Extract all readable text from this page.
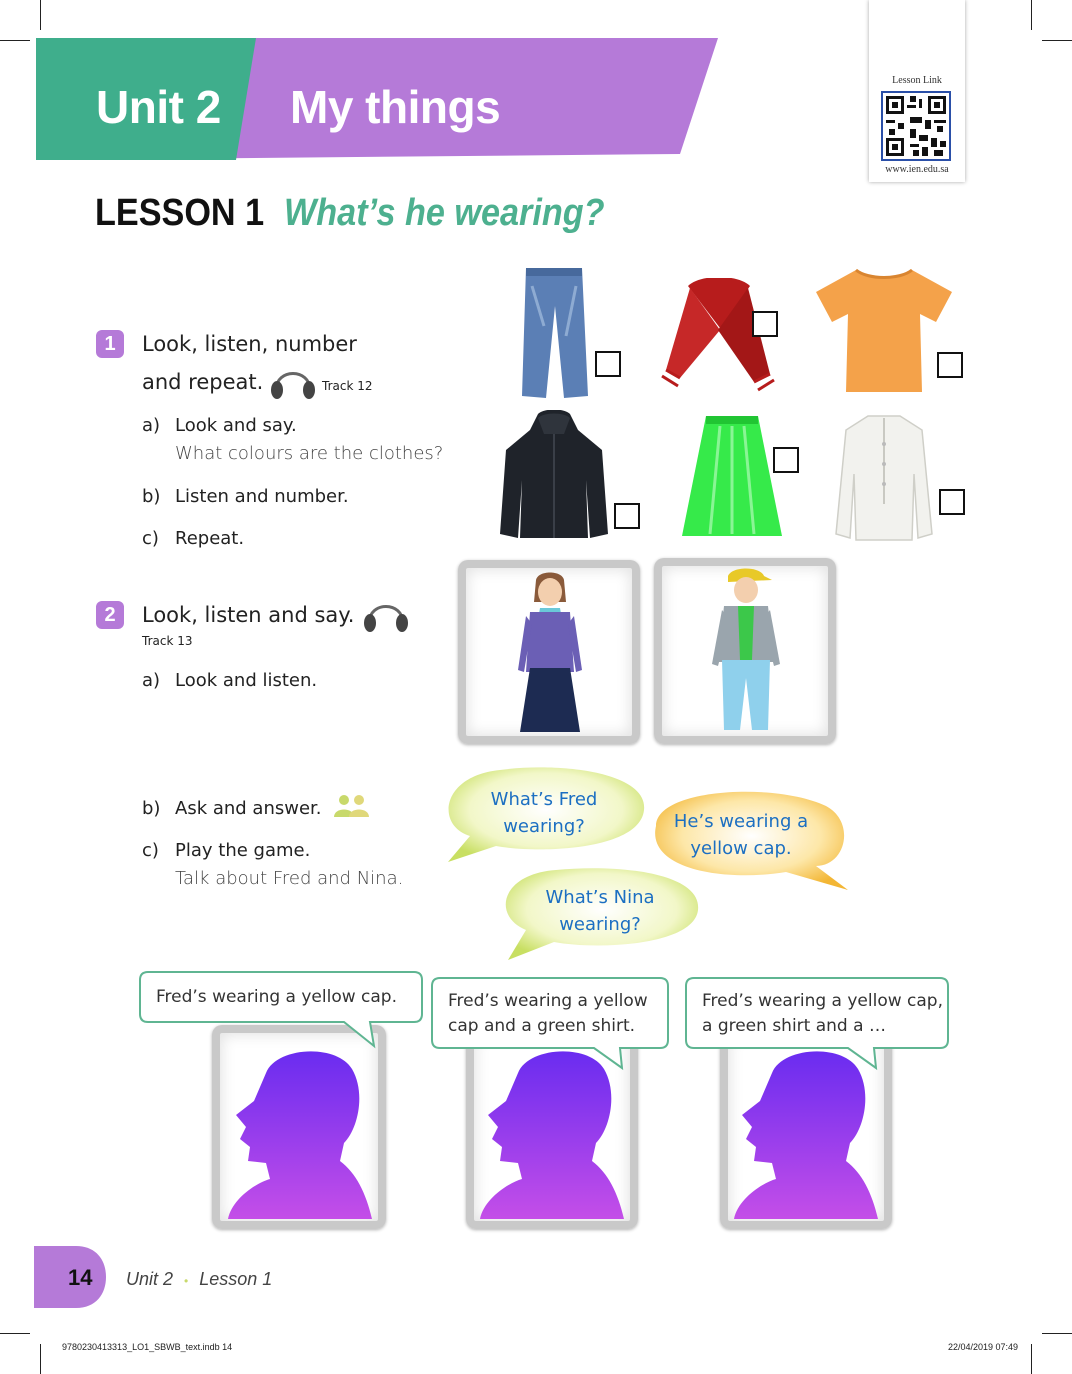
Unit 2 My things
Lesson Link
www.ien.edu.sa
LESSON 1 What’s he wearing?
1	Look, listen, number
and repeat.	Track 12
a) Look and say.
What colours are the clothes?
b) Listen and number.
c) Repeat.
2	Look, listen and say.
Track 13
a) Look and listen.
b) Ask and answer.
c) Play the game.
Talk about Fred and Nina.
What’s Fred
wearing?	He’s wearing a
yellow cap.
What’s Nina
wearing?
Fred’s wearing a yellow cap.	Fred’s wearing a yellow
cap and a green shirt.
Fred’s wearing a yellow cap,
a green shirt and a …
14 Unit 2 • Lesson 1
9780230413313_LO1_SBWB_text.indb 14	22/04/2019 07:49
